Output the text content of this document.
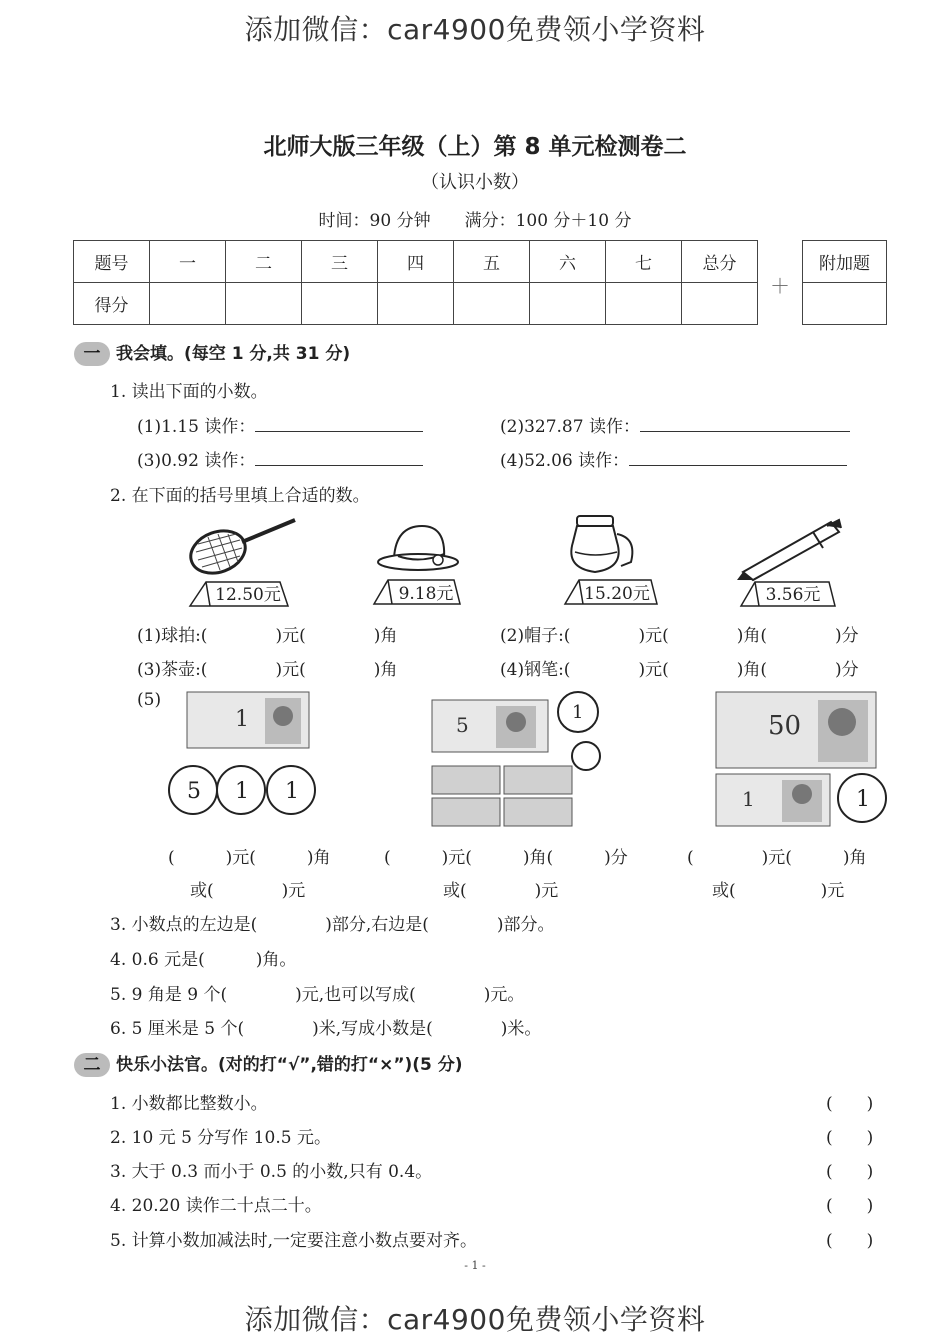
添加微信：car4900免费领小学资料
北师大版三年级（上）第 8 单元检测卷二
（认识小数）
时间：90 分钟　　满分：100 分＋10 分
题号	一	二	三	四	五	六	七	总分
得分								
＋
附加题

一 我会填。(每空 1 分,共 31 分)
1. 读出下面的小数。
(1)1.15 读作：	(2)327.87 读作：
(3)0.92 读作：	(4)52.06 读作：
2. 在下面的括号里填上合适的数。
12.50元	9.18元	15.20元	3.56元
(1)球拍:(　　　　)元(　　　　)角	(2)帽子:(　　　　)元(　　　　)角(　　　　)分
(3)茶壶:(　　　　)元(　　　　)角	(4)钢笔:(　　　　)元(　　　　)角(　　　　)分
(5)
1
5 1 1
5
1	50
1	1
(　　　)元(　　　)角	(　　　)元(　　　)角(　　　)分	(　　　　)元(　　　)角
或(　　　　)元	或(　　　　)元	或(　　　　　)元
3. 小数点的左边是(　　　　)部分,右边是(　　　　)部分。
4. 0.6 元是(　　　)角。
5. 9 角是 9 个(　　　　)元,也可以写成(　　　　)元。
6. 5 厘米是 5 个(　　　　)米,写成小数是(　　　　)米。
二 快乐小法官。(对的打“√”,错的打“×”)(5 分)
1. 小数都比整数小。	(　　)
2. 10 元 5 分写作 10.5 元。	(　　)
3. 大于 0.3 而小于 0.5 的小数,只有 0.4。	(　　)
4. 20.20 读作二十点二十。	(　　)
5. 计算小数加减法时,一定要注意小数点要对齐。	(　　)
- 1 -
添加微信：car4900免费领小学资料
